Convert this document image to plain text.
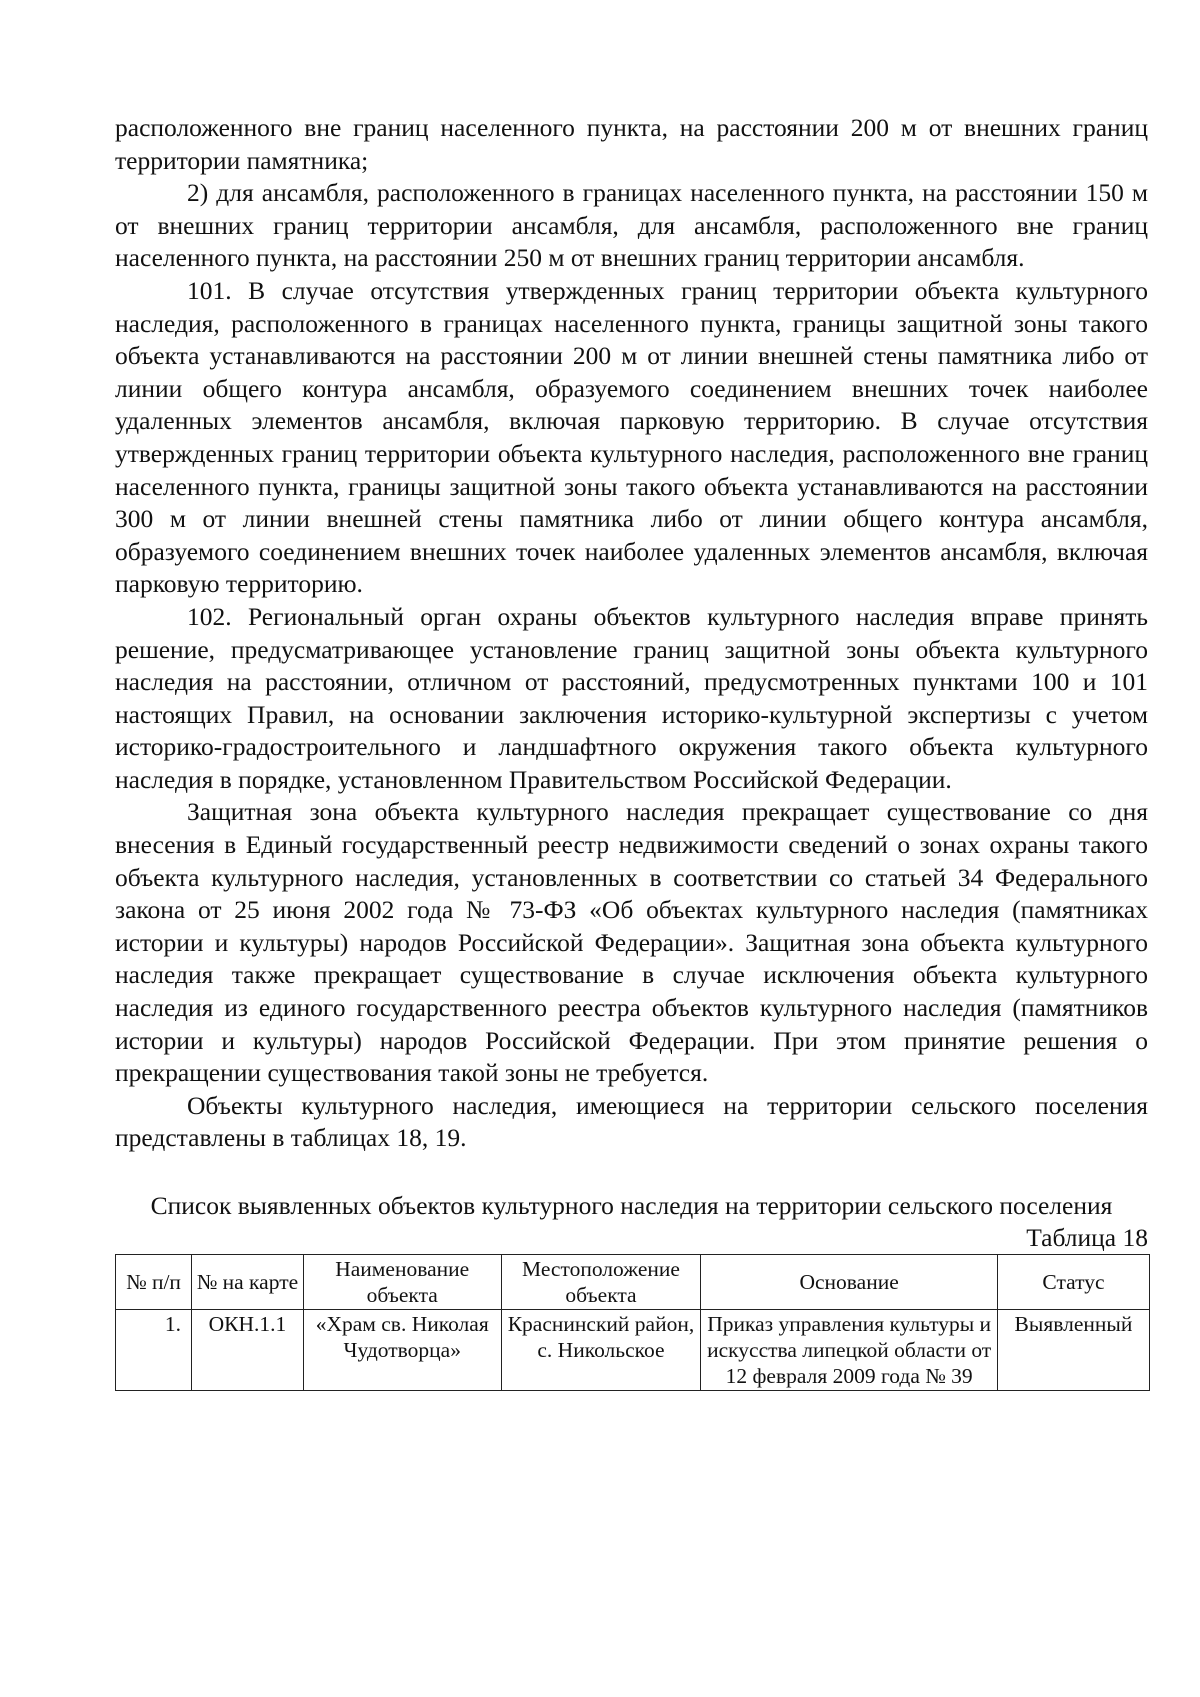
расположенного вне границ населенного пункта, на расстоянии 200 м от внешних границ территории памятника;

2) для ансамбля, расположенного в границах населенного пункта, на расстоянии 150 м от внешних границ территории ансамбля, для ансамбля, расположенного вне границ населенного пункта, на расстоянии 250 м от внешних границ территории ансамбля.

101. В случае отсутствия утвержденных границ территории объекта культурного наследия, расположенного в границах населенного пункта, границы защитной зоны такого объекта устанавливаются на расстоянии 200 м от линии внешней стены памятника либо от линии общего контура ансамбля, образуемого соединением внешних точек наиболее удаленных элементов ансамбля, включая парковую территорию. В случае отсутствия утвержденных границ территории объекта культурного наследия, расположенного вне границ населенного пункта, границы защитной зоны такого объекта устанавливаются на расстоянии 300 м от линии внешней стены памятника либо от линии общего контура ансамбля, образуемого соединением внешних точек наиболее удаленных элементов ансамбля, включая парковую территорию.

102. Региональный орган охраны объектов культурного наследия вправе принять решение, предусматривающее установление границ защитной зоны объекта культурного наследия на расстоянии, отличном от расстояний, предусмотренных пунктами 100 и 101 настоящих Правил, на основании заключения историко-культурной экспертизы с учетом историко-градостроительного и ландшафтного окружения такого объекта культурного наследия в порядке, установленном Правительством Российской Федерации.

Защитная зона объекта культурного наследия прекращает существование со дня внесения в Единый государственный реестр недвижимости сведений о зонах охраны такого объекта культурного наследия, установленных в соответствии со статьей 34 Федерального закона от 25 июня 2002 года № 73-ФЗ «Об объектах культурного наследия (памятниках истории и культуры) народов Российской Федерации». Защитная зона объекта культурного наследия также прекращает существование в случае исключения объекта культурного наследия из единого государственного реестра объектов культурного наследия (памятников истории и культуры) народов Российской Федерации. При этом принятие решения о прекращении существования такой зоны не требуется.

Объекты культурного наследия, имеющиеся на территории сельского поселения представлены в таблицах 18, 19.

Список выявленных объектов культурного наследия на территории сельского поселения
Таблица 18
№ п/п	№ на карте	Наименование объекта	Местоположение объекта	Основание	Статус
1.	ОКН.1.1	«Храм св. Николая Чудотворца»	Краснинский район, с. Никольское	Приказ управления культуры и искусства липецкой области от 12 февраля 2009 года № 39	Выявленный
